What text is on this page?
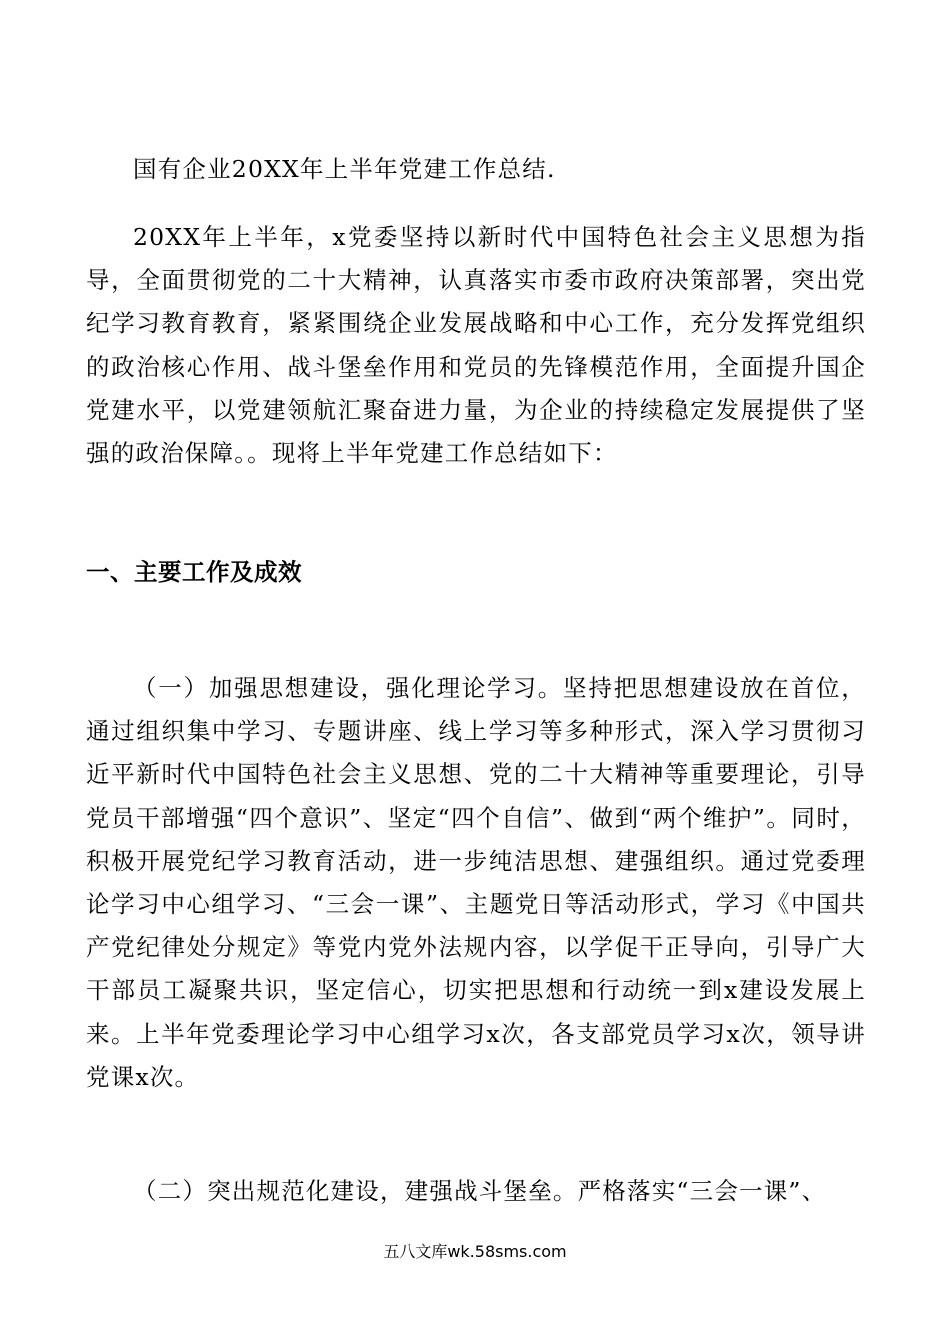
国有企业20XX年上半年党建工作总结.

20XX年上半年，x党委坚持以新时代中国特色社会主义思想为指导，全面贯彻党的二十大精神，认真落实市委市政府决策部署，突出党纪学习教育教育，紧紧围绕企业发展战略和中心工作，充分发挥党组织的政治核心作用、战斗堡垒作用和党员的先锋模范作用，全面提升国企党建水平，以党建领航汇聚奋进力量，为企业的持续稳定发展提供了坚强的政治保障。。现将上半年党建工作总结如下：

一、主要工作及成效

（一）加强思想建设，强化理论学习。坚持把思想建设放在首位，通过组织集中学习、专题讲座、线上学习等多种形式，深入学习贯彻习近平新时代中国特色社会主义思想、党的二十大精神等重要理论，引导党员干部增强“四个意识”、坚定“四个自信”、做到“两个维护”。同时，积极开展党纪学习教育活动，进一步纯洁思想、建强组织。通过党委理论学习中心组学习、“三会一课”、主题党日等活动形式，学习《中国共产党纪律处分规定》等党内党外法规内容，以学促干正导向，引导广大干部员工凝聚共识，坚定信心，切实把思想和行动统一到x建设发展上来。上半年党委理论学习中心组学习x次，各支部党员学习x次，领导讲党课x次。

（二）突出规范化建设，建强战斗堡垒。严格落实“三会一课”、

五八文库wk.58sms.com
